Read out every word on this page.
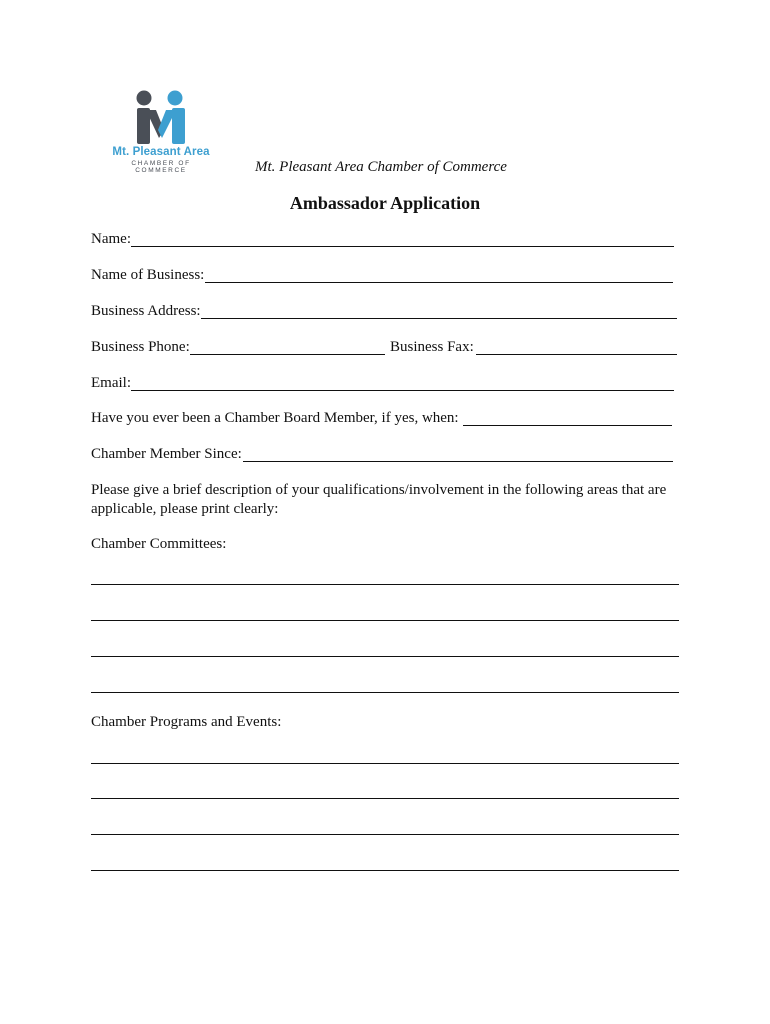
Mt. Pleasant Area
CHAMBER OF COMMERCE	Mt. Pleasant Area Chamber of Commerce
Ambassador Application
Name:
Name of Business:
Business Address:
Business Phone:	Business Fax:
Email:
Have you ever been a Chamber Board Member, if yes, when:
Chamber Member Since:
Please give a brief description of your qualifications/involvement in the following areas that are applicable, please print clearly:
Chamber Committees:
Chamber Programs and Events:
